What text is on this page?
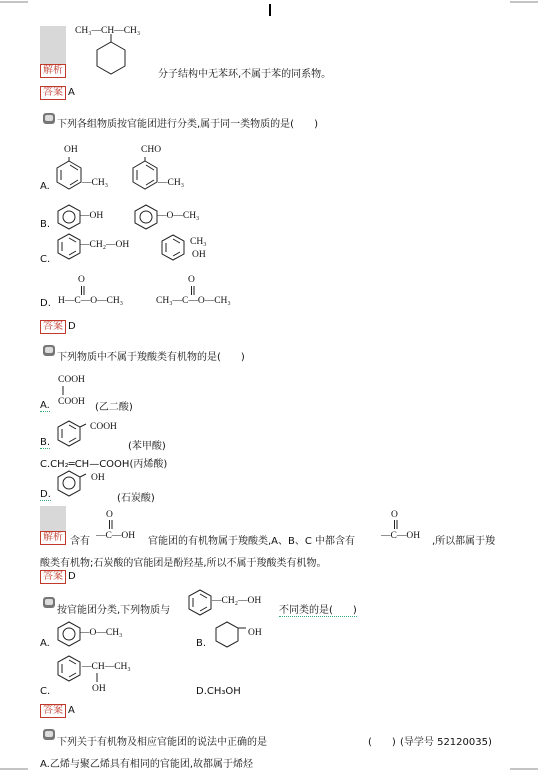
CH₃—CH—CH₃
解析	分子结构中无苯环,不属于苯的同系物。
答案 A
下列各组物质按官能团进行分类,属于同一类物质的是(　　)
A.
OH
—CH₃
CHO
—CH₃
B.
—OH	—O—CH₃
C.
—CH₂—OH	CH₃
OH
D.
O
H—C—O—CH₃
O
CH₃—C—O—CH₃
答案 D
下列物质中不属于羧酸类有机物的是(　　)
A.
COOH
COOH (乙二酸)
B.
COOH
(苯甲酸)
C.CH₂═CH—COOH(丙烯酸)
D.
OH
(石炭酸)
解析 含有
O
—C—OH 官能团的有机物属于羧酸类,A、B、C 中都含有
O
—C—OH ,所以都属于羧
酸类有机物;石炭酸的官能团是酚羟基,所以不属于羧酸类有机物。
答案 D
按官能团分类,下列物质与
—CH₂—OH
不同类的是(　　)
A.
—O—CH₃
B.
OH
C.
—CH—CH₃
OH	D.CH₃OH
答案 A
下列关于有机物及相应官能团的说法中正确的是	(　　) (导学号 52120035)
A.乙烯与聚乙烯具有相同的官能团,故都属于烯烃
